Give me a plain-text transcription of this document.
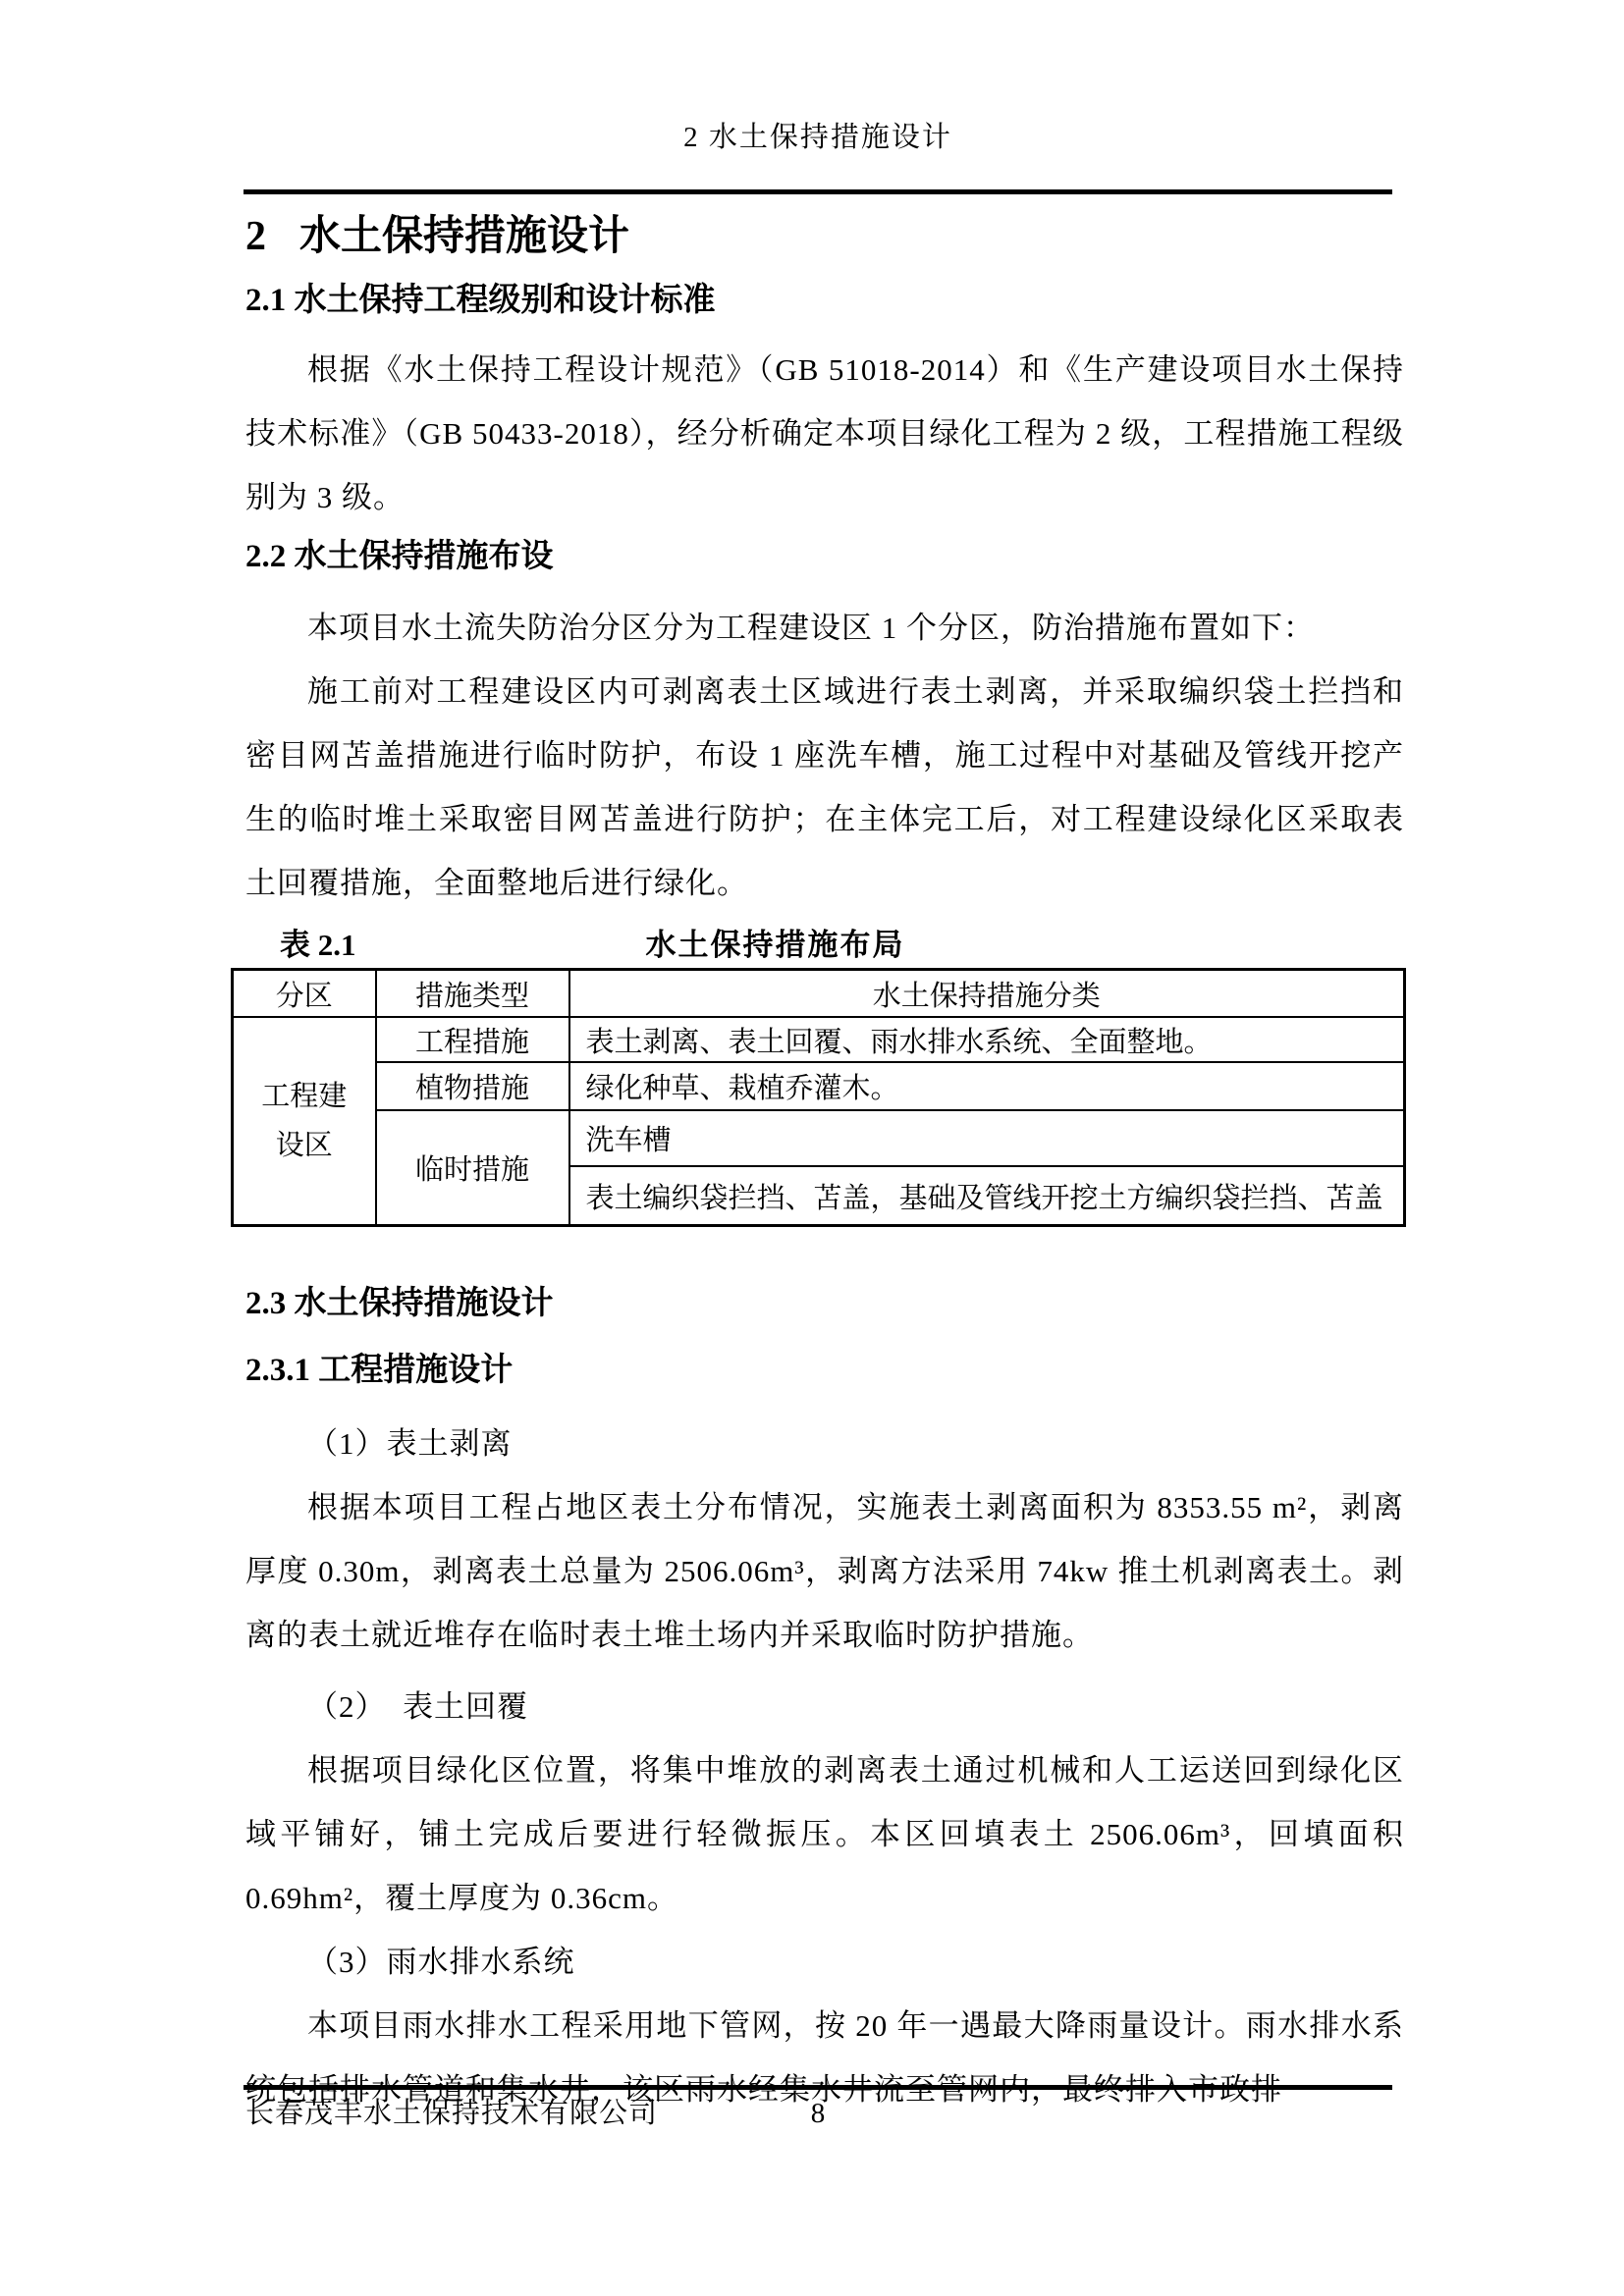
2 水土保持措施设计
2 水土保持措施设计
2.1 水土保持工程级别和设计标准

根据《水土保持工程设计规范》（GB 51018-2014）和《生产建设项目水土保持技术标准》（GB 50433-2018），经分析确定本项目绿化工程为 2 级，工程措施工程级别为 3 级。

2.2 水土保持措施布设

本项目水土流失防治分区分为工程建设区 1 个分区，防治措施布置如下：

施工前对工程建设区内可剥离表土区域进行表土剥离，并采取编织袋土拦挡和密目网苫盖措施进行临时防护，布设 1 座洗车槽，施工过程中对基础及管线开挖产生的临时堆土采取密目网苫盖进行防护；在主体完工后，对工程建设绿化区采取表土回覆措施，全面整地后进行绿化。

表 2.1	水土保持措施布局
分区	措施类型	水土保持措施分类
工程建设区	工程措施	表土剥离、表土回覆、雨水排水系统、全面整地。
	植物措施	绿化种草、栽植乔灌木。
	临时措施	洗车槽
		表土编织袋拦挡、苫盖，基础及管线开挖土方编织袋拦挡、苫盖
2.3 水土保持措施设计
2.3.1 工程措施设计

（1）表土剥离

根据本项目工程占地区表土分布情况，实施表土剥离面积为 8353.55 m²，剥离厚度 0.30m，剥离表土总量为 2506.06m³，剥离方法采用 74kw 推土机剥离表土。剥离的表土就近堆存在临时表土堆土场内并采取临时防护措施。

（2）　表土回覆

根据项目绿化区位置，将集中堆放的剥离表土通过机械和人工运送回到绿化区域平铺好，铺土完成后要进行轻微振压。本区回填表土 2506.06m³，回填面积 0.69hm²，覆土厚度为 0.36cm。

（3）雨水排水系统

本项目雨水排水工程采用地下管网，按 20 年一遇最大降雨量设计。雨水排水系统包括排水管道和集水井，该区雨水经集水井流至管网内，最终排入市政排

长春茂丰水土保持技术有限公司	8
